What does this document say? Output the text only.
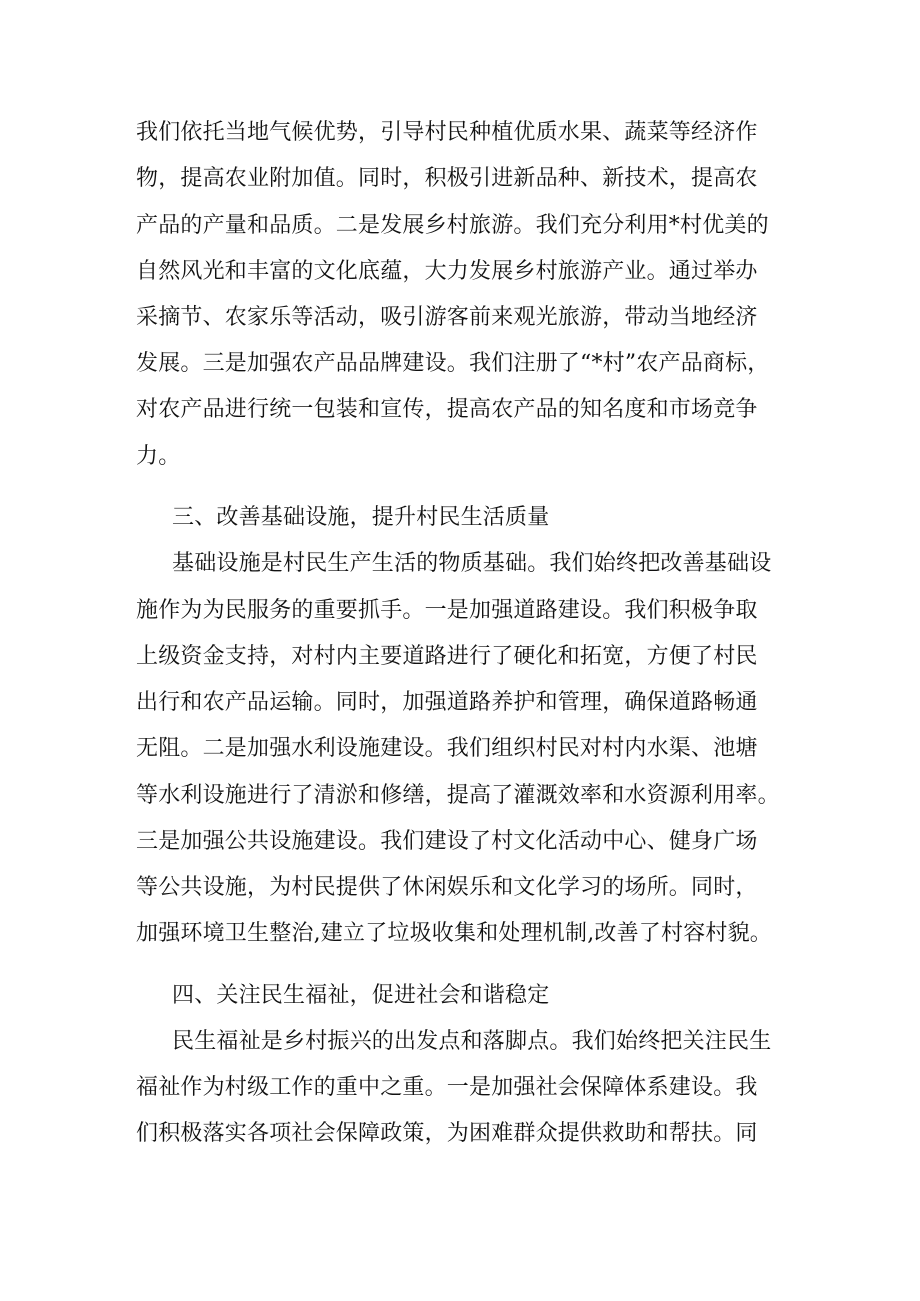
我们依托当地气候优势，引导村民种植优质水果、蔬菜等经济作
物，提高农业附加值。同时，积极引进新品种、新技术，提高农
产品的产量和品质。二是发展乡村旅游。我们充分利用*村优美的
自然风光和丰富的文化底蕴，大力发展乡村旅游产业。通过举办
采摘节、农家乐等活动，吸引游客前来观光旅游，带动当地经济
发展。三是加强农产品品牌建设。我们注册了“*村”农产品商标，
对农产品进行统一包装和宣传，提高农产品的知名度和市场竞争
力。
三、改善基础设施，提升村民生活质量
基础设施是村民生产生活的物质基础。我们始终把改善基础设
施作为为民服务的重要抓手。一是加强道路建设。我们积极争取
上级资金支持，对村内主要道路进行了硬化和拓宽，方便了村民
出行和农产品运输。同时，加强道路养护和管理，确保道路畅通
无阻。二是加强水利设施建设。我们组织村民对村内水渠、池塘
等水利设施进行了清淤和修缮，提高了灌溉效率和水资源利用率。
三是加强公共设施建设。我们建设了村文化活动中心、健身广场
等公共设施，为村民提供了休闲娱乐和文化学习的场所。同时，
加强环境卫生整治,建立了垃圾收集和处理机制,改善了村容村貌。
四、关注民生福祉，促进社会和谐稳定
民生福祉是乡村振兴的出发点和落脚点。我们始终把关注民生
福祉作为村级工作的重中之重。一是加强社会保障体系建设。我
们积极落实各项社会保障政策，为困难群众提供救助和帮扶。同
